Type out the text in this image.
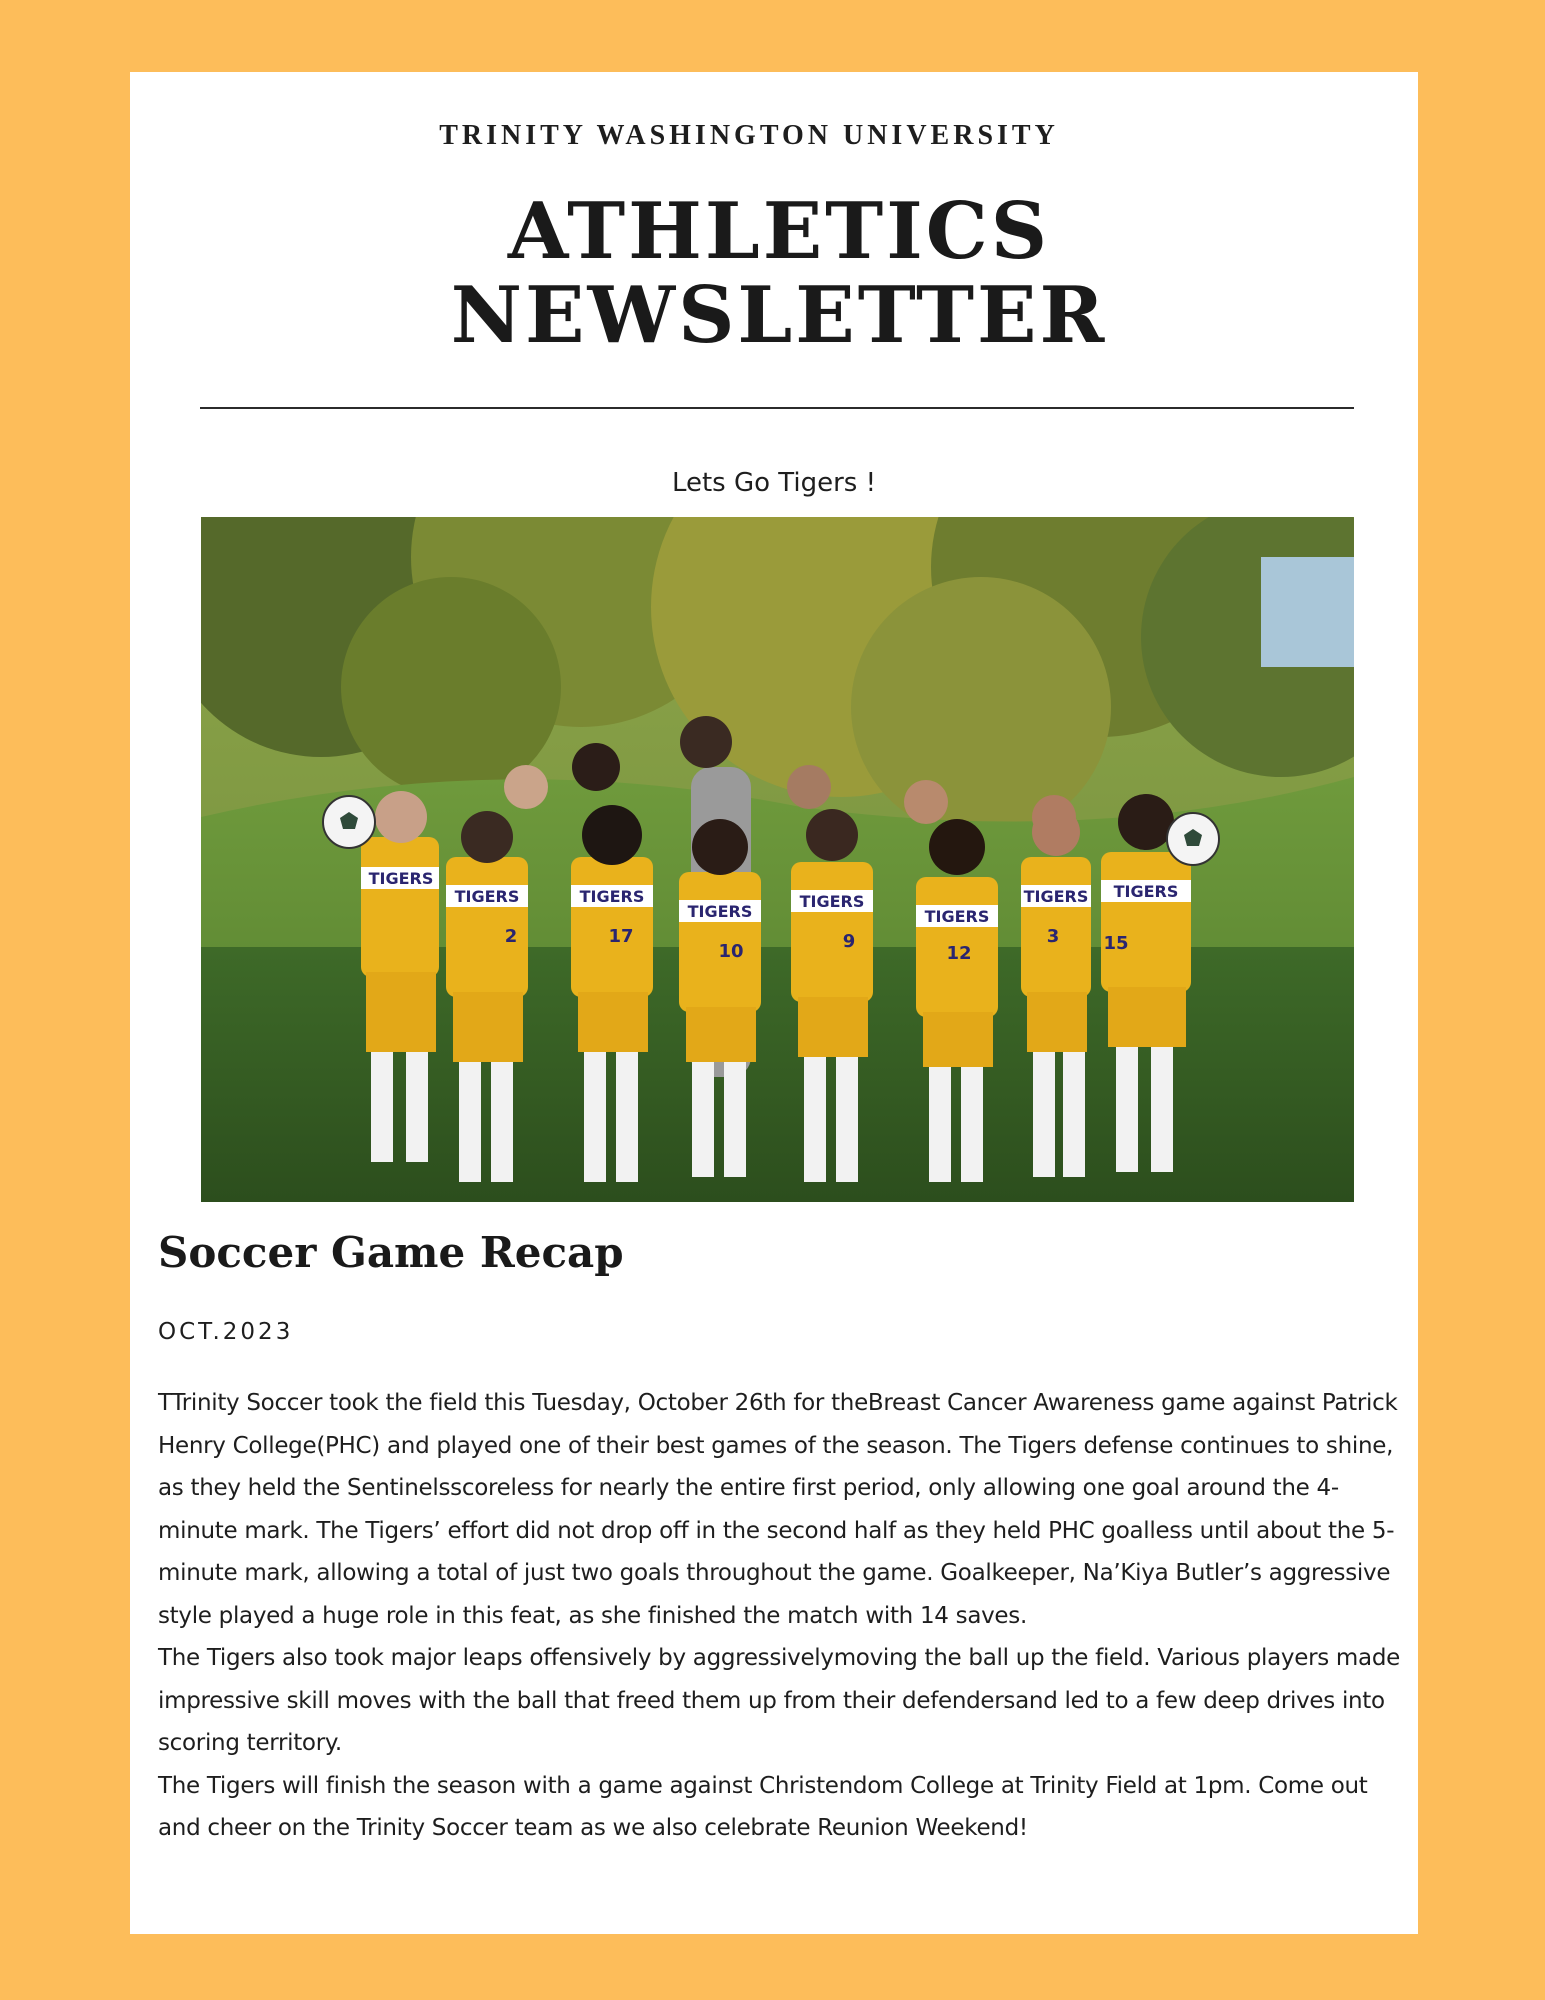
TRINITY WASHINGTON UNIVERSITY
ATHLETICS
NEWSLETTER
Lets Go Tigers !
TIGERS
TIGERS	TIGERS
TIGERS
TIGERS
TIGERS
TIGERS TIGERS
2	17
10	9
12
3 15
Soccer Game Recap
OCT.2023

TTrinity Soccer took the field this Tuesday, October 26th for theBreast Cancer Awareness game against Patrick Henry College(PHC) and played one of their best games of the season. The Tigers defense continues to shine, as they held the Sentinelsscoreless for nearly the entire first period, only allowing one goal around the 4-minute mark. The Tigers’ effort did not drop off in the second half as they held PHC goalless until about the 5-minute mark, allowing a total of just two goals throughout the game. Goalkeeper, Na’Kiya Butler’s aggressive style played a huge role in this feat, as she finished the match with 14 saves.

The Tigers also took major leaps offensively by aggressivelymoving the ball up the field. Various players made impressive skill moves with the ball that freed them up from their defendersand led to a few deep drives into scoring territory.

The Tigers will finish the season with a game against Christendom College at Trinity Field at 1pm. Come out and cheer on the Trinity Soccer team as we also celebrate Reunion Weekend!
